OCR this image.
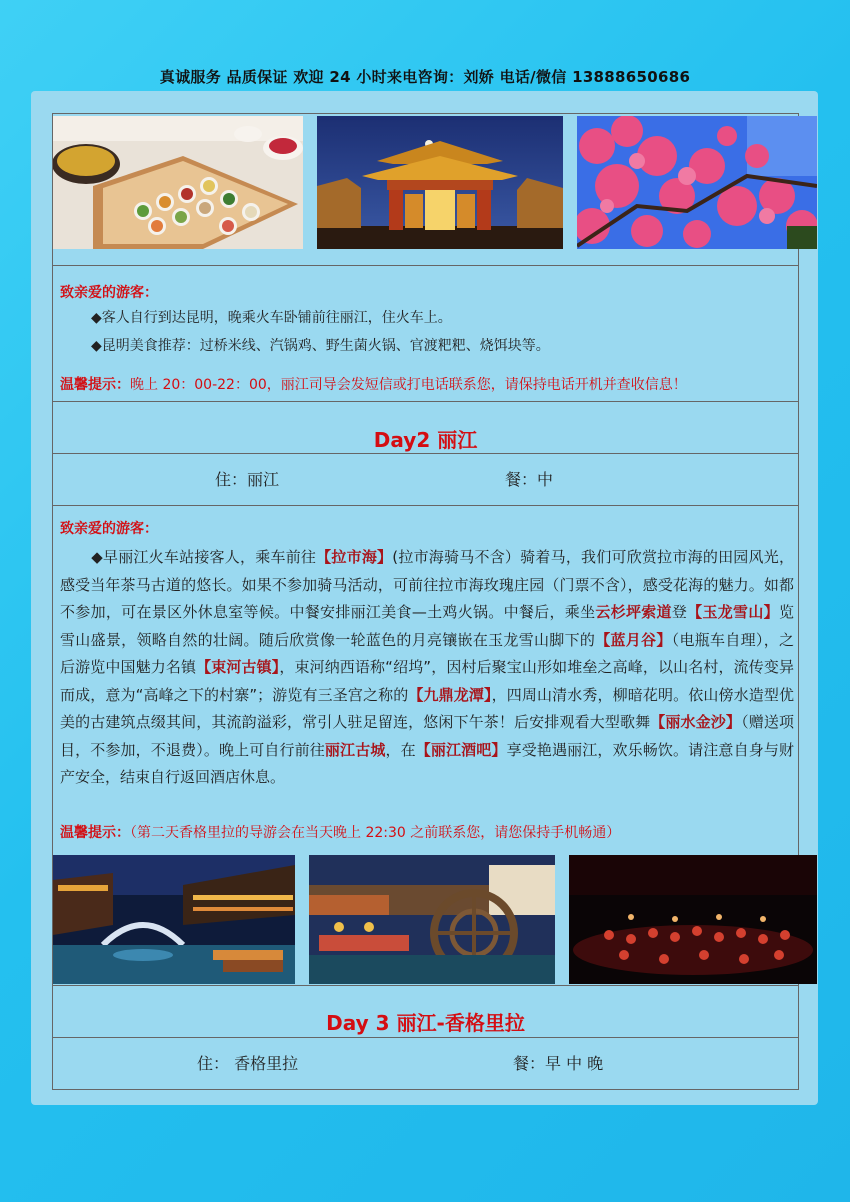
真诚服务 品质保证 欢迎 24 小时来电咨询：刘娇 电话/微信 13888650686
致亲爱的游客：
◆客人自行到达昆明，晚乘火车卧铺前往丽江，住火车上。
◆昆明美食推荐：过桥米线、汽锅鸡、野生菌火锅、官渡粑粑、烧饵块等。
温馨提示：晚上 20：00-22：00，丽江司导会发短信或打电话联系您，请保持电话开机并查收信息！
Day2 丽江
住：丽江	餐：中
致亲爱的游客：
◆早丽江火车站接客人，乘车前往【拉市海】(拉市海骑马不含）骑着马，我们可欣赏拉市海的田园风光，感受当年茶马古道的悠长。如果不参加骑马活动，可前往拉市海玫瑰庄园（门票不含），感受花海的魅力。如都不参加，可在景区外休息室等候。中餐安排丽江美食—土鸡火锅。中餐后，乘坐云杉坪索道登【玉龙雪山】览雪山盛景，领略自然的壮阔。随后欣赏像一轮蓝色的月亮镶嵌在玉龙雪山脚下的【蓝月谷】（电瓶车自理），之后游览中国魅力名镇【束河古镇】，束河纳西语称“绍坞”，因村后聚宝山形如堆垒之高峰，以山名村，流传变异而成，意为“高峰之下的村寨”；游览有三圣宫之称的【九鼎龙潭】，四周山清水秀，柳暗花明。依山傍水造型优美的古建筑点缀其间，其流韵溢彩，常引人驻足留连，悠闲下午茶！后安排观看大型歌舞【丽水金沙】（赠送项目，不参加，不退费）。晚上可自行前往丽江古城，在【丽江酒吧】享受艳遇丽江，欢乐畅饮。请注意自身与财产安全，结束自行返回酒店休息。
温馨提示：（第二天香格里拉的导游会在当天晚上 22:30 之前联系您，请您保持手机畅通）
Day 3 丽江-香格里拉
住： 香格里拉	餐：早 中 晚
